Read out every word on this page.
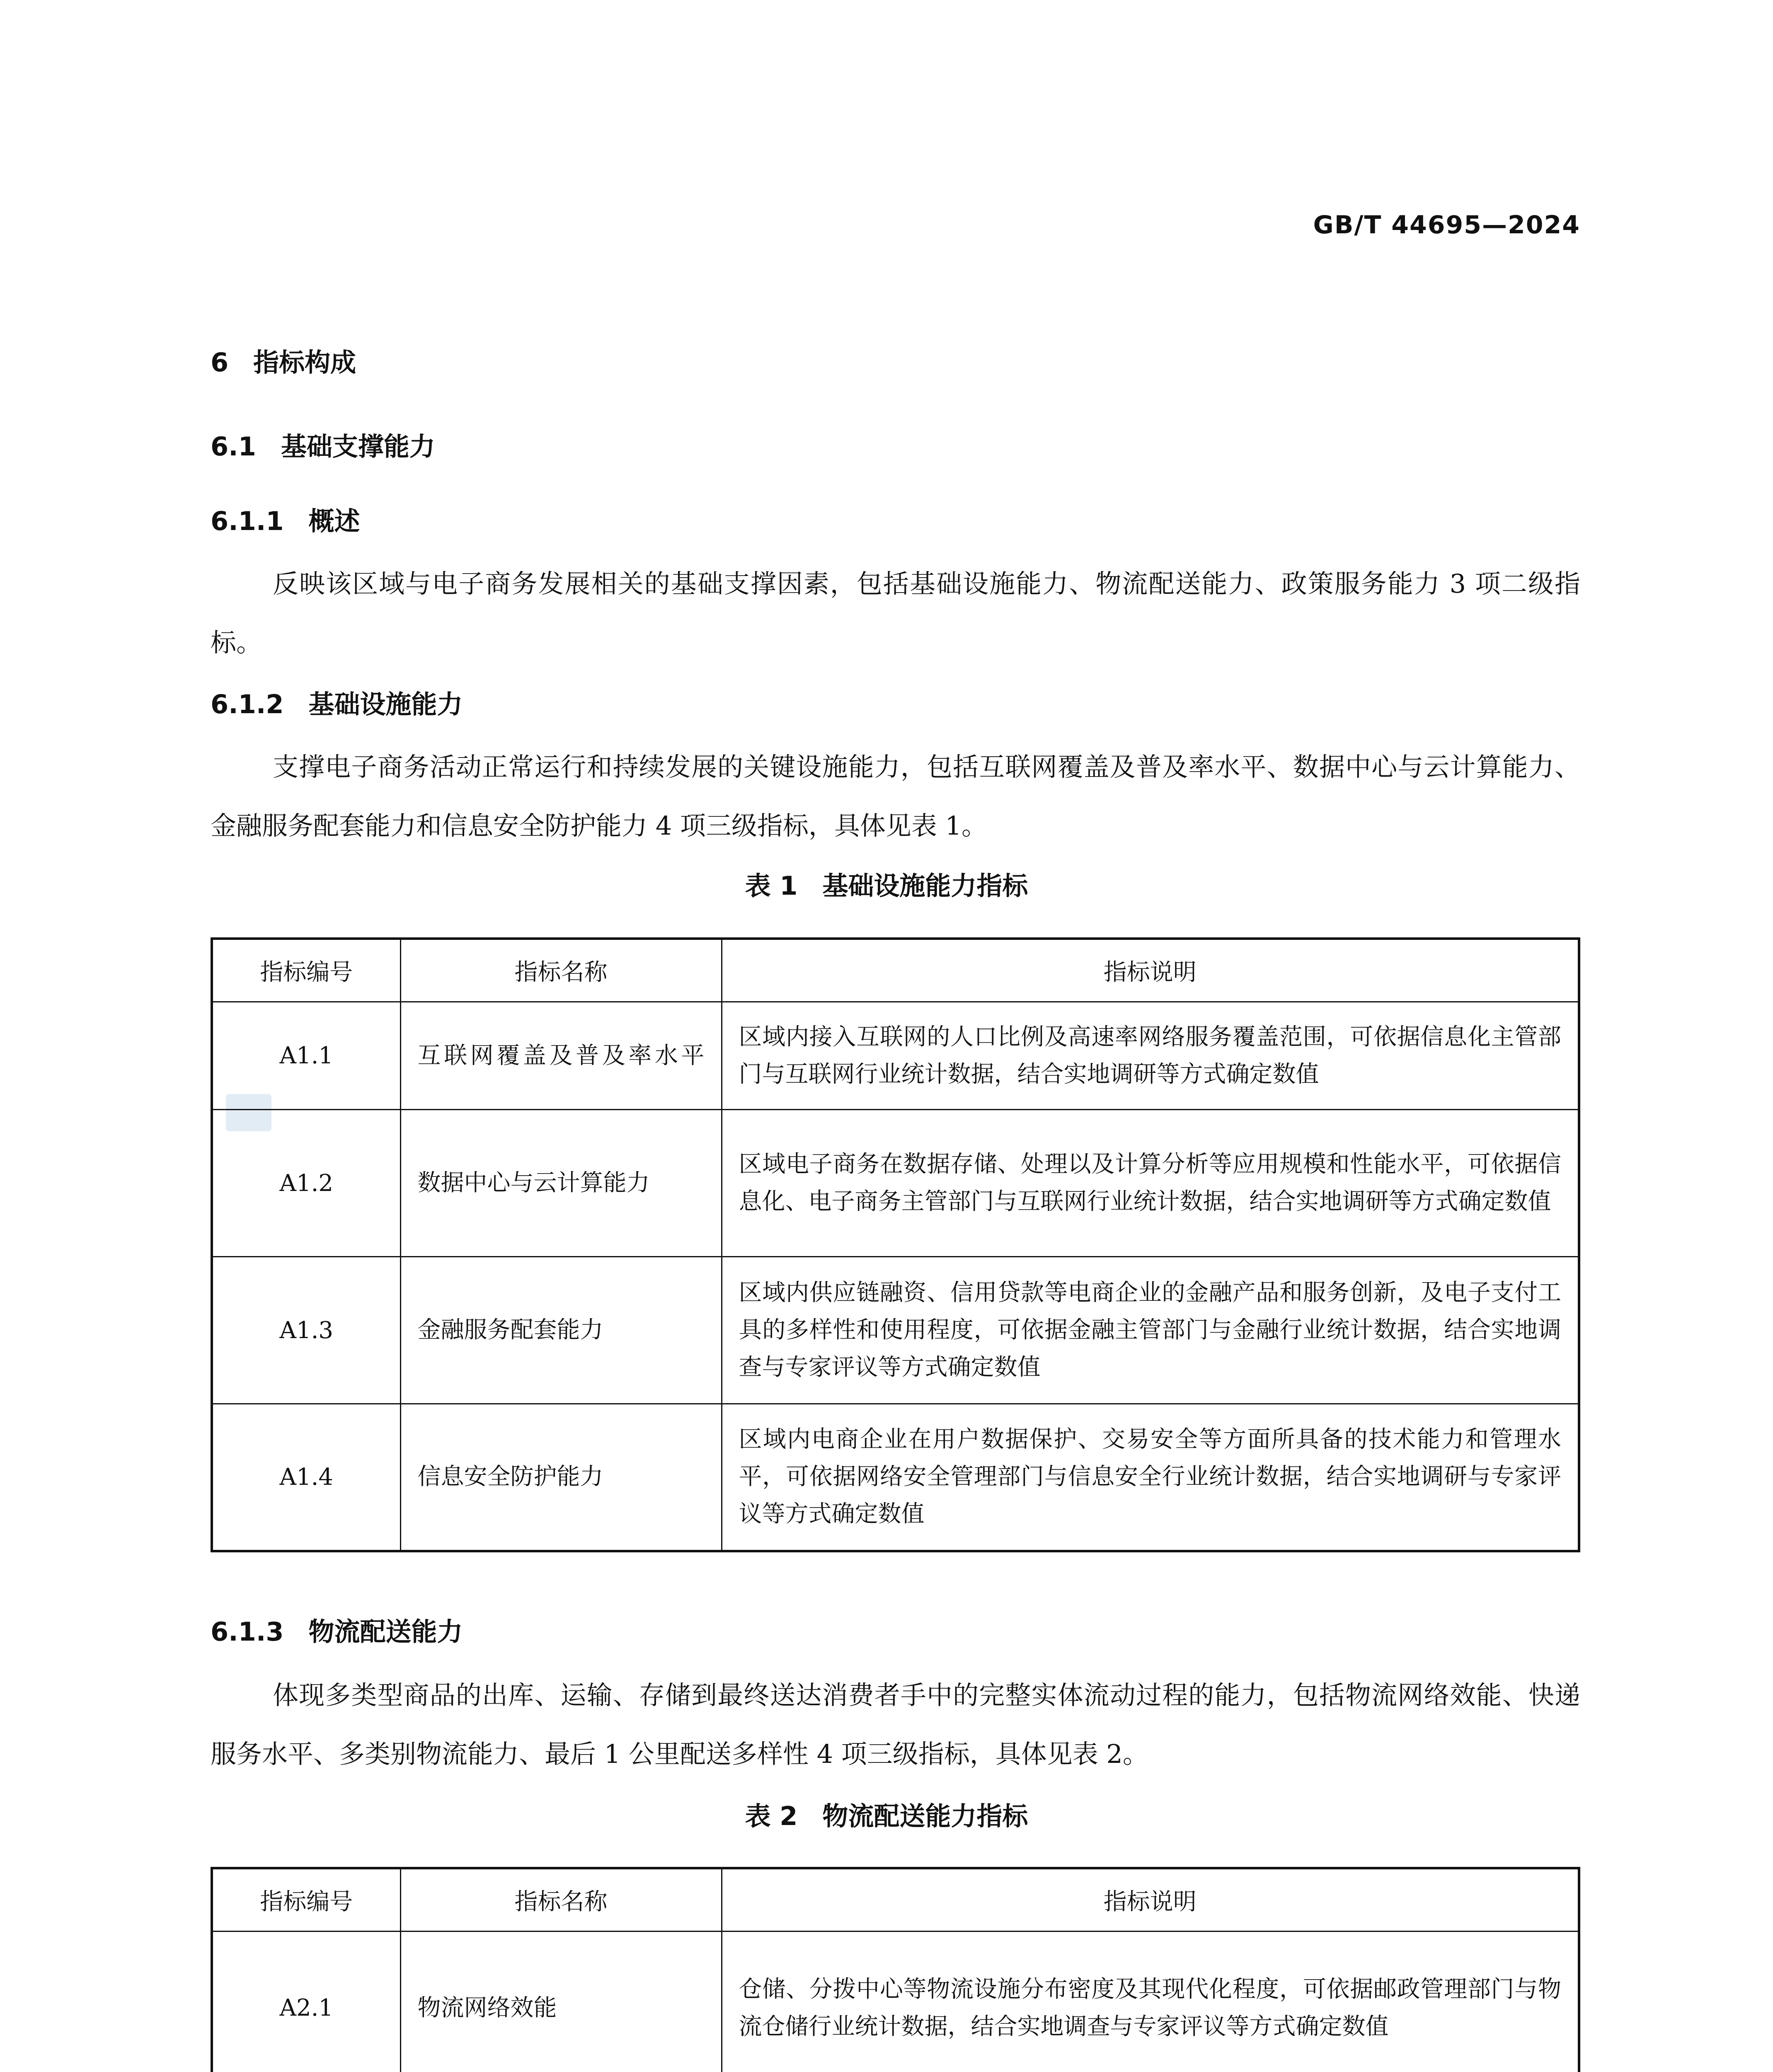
GB/T 44695—2024
6 指标构成
6.1 基础支撑能力
6.1.1 概述
反映该区域与电子商务发展相关的基础支撑因素，包括基础设施能力、物流配送能力、政策服务能力 3 项二级指标。
6.1.2 基础设施能力
支撑电子商务活动正常运行和持续发展的关键设施能力，包括互联网覆盖及普及率水平、数据中心与云计算能力、金融服务配套能力和信息安全防护能力 4 项三级指标，具体见表 1。
表 1 基础设施能力指标
指标编号	指标名称	指标说明
A1.1	互联网覆盖及普及率水平	区域内接入互联网的人口比例及高速率网络服务覆盖范围，可依据信息化主管部门与互联网行业统计数据，结合实地调研等方式确定数值
A1.2	数据中心与云计算能力	区域电子商务在数据存储、处理以及计算分析等应用规模和性能水平，可依据信息化、电子商务主管部门与互联网行业统计数据，结合实地调研等方式确定数值
A1.3	金融服务配套能力	区域内供应链融资、信用贷款等电商企业的金融产品和服务创新，及电子支付工具的多样性和使用程度，可依据金融主管部门与金融行业统计数据，结合实地调查与专家评议等方式确定数值
A1.4	信息安全防护能力	区域内电商企业在用户数据保护、交易安全等方面所具备的技术能力和管理水平，可依据网络安全管理部门与信息安全行业统计数据，结合实地调研与专家评议等方式确定数值
6.1.3 物流配送能力
体现多类型商品的出库、运输、存储到最终送达消费者手中的完整实体流动过程的能力，包括物流网络效能、快递服务水平、多类别物流能力、最后 1 公里配送多样性 4 项三级指标，具体见表 2。
表 2 物流配送能力指标
指标编号	指标名称	指标说明
A2.1	物流网络效能	仓储、分拨中心等物流设施分布密度及其现代化程度，可依据邮政管理部门与物流仓储行业统计数据，结合实地调查与专家评议等方式确定数值
